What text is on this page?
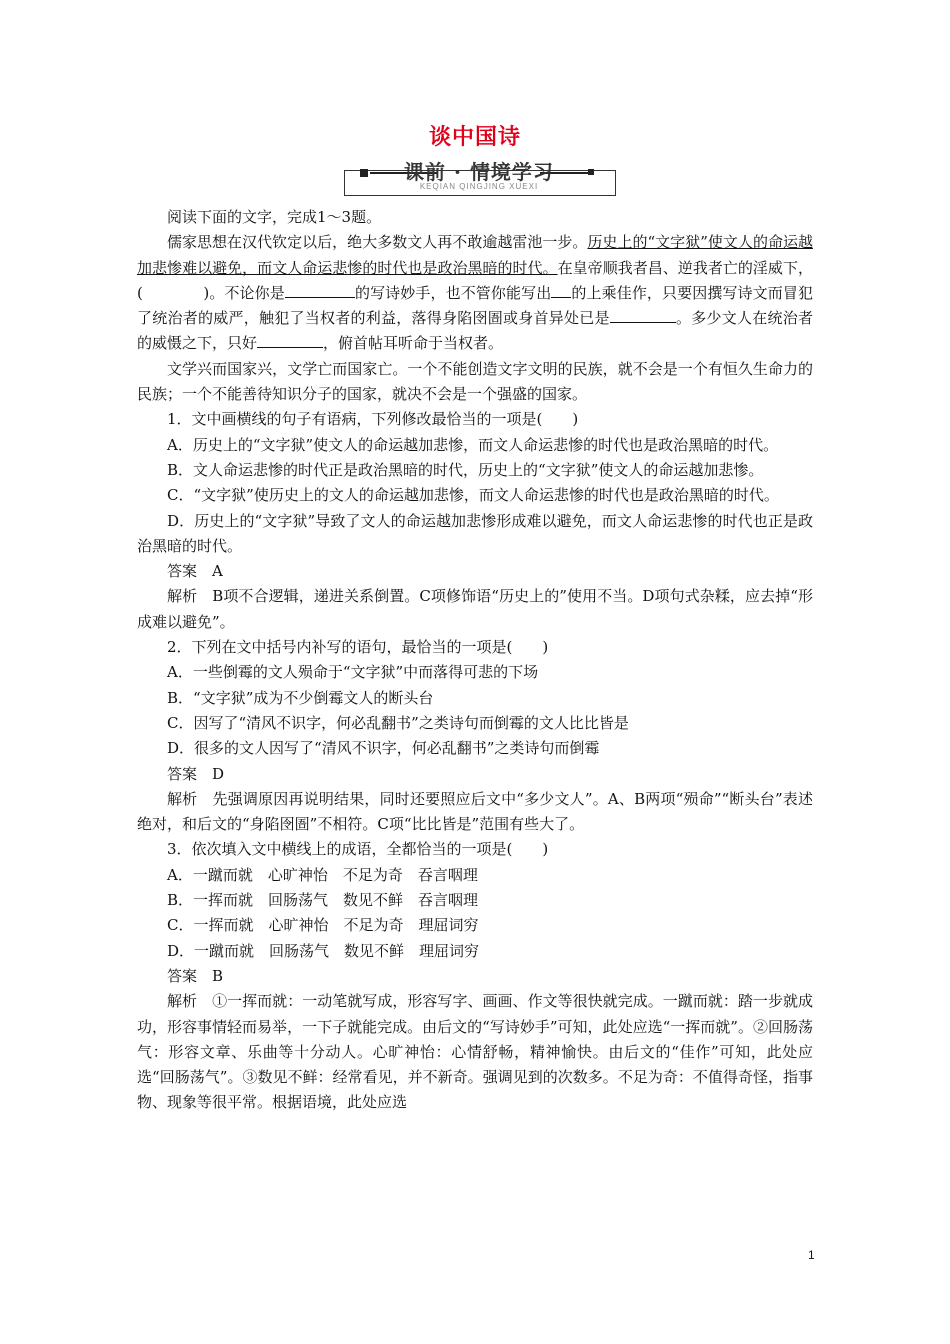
谈中国诗
课前 · 情境学习
KEQIAN QINGJING XUEXI

阅读下面的文字，完成1～3题。

儒家思想在汉代钦定以后，绝大多数文人再不敢逾越雷池一步。历史上的“文字狱”使文人的命运越加悲惨难以避免，而文人命运悲惨的时代也是政治黑暗的时代。在皇帝顺我者昌、逆我者亡的淫威下，(　　　　)。不论你是	的写诗妙手，也不管你能写出 的上乘佳作，只要因撰写诗文而冒犯了统治者的威严，触犯了当权者的利益，落得身陷囹圄或身首异处已是	。多少文人在统治者的威慑之下，只好	，俯首帖耳听命于当权者。

文学兴而国家兴，文学亡而国家亡。一个不能创造文字文明的民族，就不会是一个有恒久生命力的民族；一个不能善待知识分子的国家，就决不会是一个强盛的国家。

1．文中画横线的句子有语病，下列修改最恰当的一项是(　　)

A．历史上的“文字狱”使文人的命运越加悲惨，而文人命运悲惨的时代也是政治黑暗的时代。

B．文人命运悲惨的时代正是政治黑暗的时代，历史上的“文字狱”使文人的命运越加悲惨。

C．“文字狱”使历史上的文人的命运越加悲惨，而文人命运悲惨的时代也是政治黑暗的时代。

D．历史上的“文字狱”导致了文人的命运越加悲惨形成难以避免，而文人命运悲惨的时代也正是政治黑暗的时代。

答案　A

解析　B项不合逻辑，递进关系倒置。C项修饰语“历史上的”使用不当。D项句式杂糅，应去掉“形成难以避免”。

2．下列在文中括号内补写的语句，最恰当的一项是(　　)

A．一些倒霉的文人殒命于“文字狱”中而落得可悲的下场

B．“文字狱”成为不少倒霉文人的断头台

C．因写了“清风不识字，何必乱翻书”之类诗句而倒霉的文人比比皆是

D．很多的文人因写了“清风不识字，何必乱翻书”之类诗句而倒霉

答案　D

解析　先强调原因再说明结果，同时还要照应后文中“多少文人”。A、B两项“殒命”“断头台”表述绝对，和后文的“身陷囹圄”不相符。C项“比比皆是”范围有些大了。

3．依次填入文中横线上的成语，全都恰当的一项是(　　)

A．一蹴而就　心旷神怡　不足为奇　吞言咽理

B．一挥而就　回肠荡气　数见不鲜　吞言咽理

C．一挥而就　心旷神怡　不足为奇　理屈词穷

D．一蹴而就　回肠荡气　数见不鲜　理屈词穷

答案　B

解析　①一挥而就：一动笔就写成，形容写字、画画、作文等很快就完成。一蹴而就：踏一步就成功，形容事情轻而易举，一下子就能完成。由后文的“写诗妙手”可知，此处应选“一挥而就”。②回肠荡气：形容文章、乐曲等十分动人。心旷神怡：心情舒畅，精神愉快。由后文的“佳作”可知，此处应选“回肠荡气”。③数见不鲜：经常看见，并不新奇。强调见到的次数多。不足为奇：不值得奇怪，指事物、现象等很平常。根据语境，此处应选

1
